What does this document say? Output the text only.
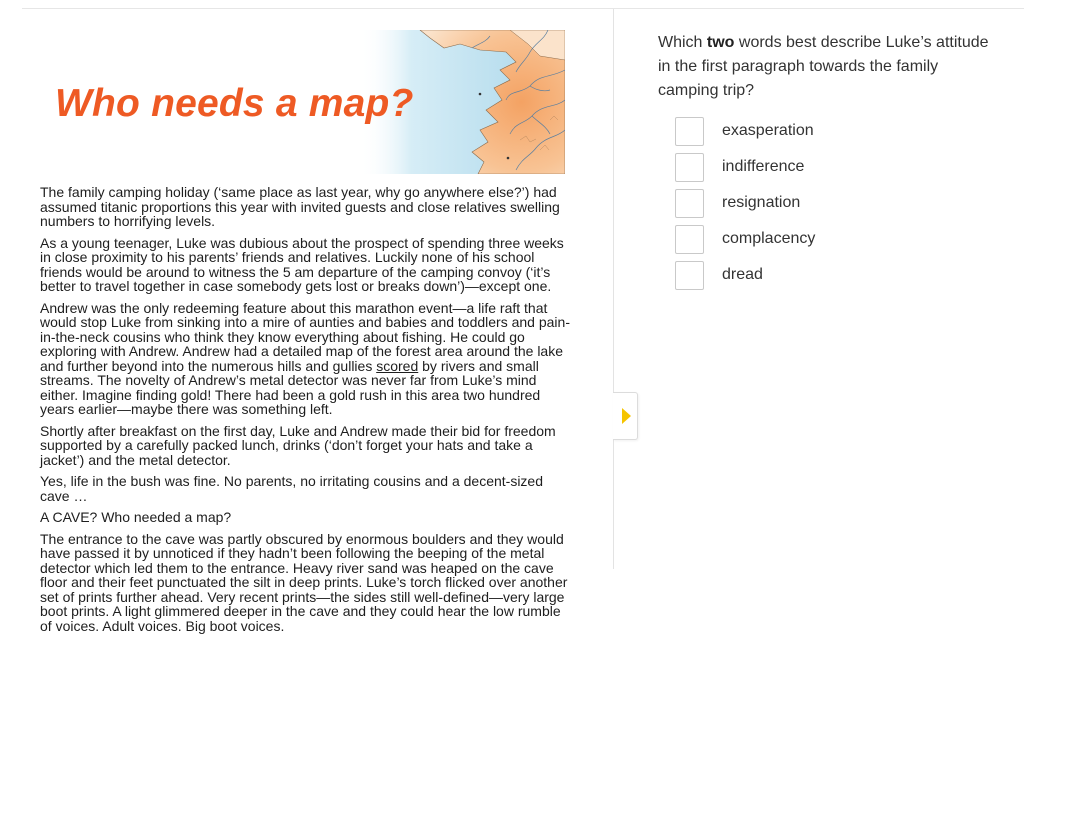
Who needs a map?

The family camping holiday (‘same place as last year, why go anywhere else?’) had assumed titanic proportions this year with invited guests and close relatives swelling numbers to horrifying levels.

As a young teenager, Luke was dubious about the prospect of spending three weeks in close proximity to his parents’ friends and relatives. Luckily none of his school friends would be around to witness the 5 am departure of the camping convoy (‘it’s better to travel together in case somebody gets lost or breaks down’)—except one.

Andrew was the only redeeming feature about this marathon event—a life raft that would stop Luke from sinking into a mire of aunties and babies and toddlers and pain-in-the-neck cousins who think they know everything about fishing. He could go exploring with Andrew. Andrew had a detailed map of the forest area around the lake and further beyond into the numerous hills and gullies scored by rivers and small streams. The novelty of Andrew’s metal detector was never far from Luke’s mind either. Imagine finding gold! There had been a gold rush in this area two hundred years earlier—maybe there was something left.

Shortly after breakfast on the first day, Luke and Andrew made their bid for freedom supported by a carefully packed lunch, drinks (‘don’t forget your hats and take a jacket’) and the metal detector.

Yes, life in the bush was fine. No parents, no irritating cousins and a decent-sized cave …

A CAVE? Who needed a map?

The entrance to the cave was partly obscured by enormous boulders and they would have passed it by unnoticed if they hadn’t been following the beeping of the metal detector which led them to the entrance. Heavy river sand was heaped on the cave floor and their feet punctuated the silt in deep prints. Luke’s torch flicked over another set of prints further ahead. Very recent prints—the sides still well-defined—very large boot prints. A light glimmered deeper in the cave and they could hear the low rumble of voices. Adult voices. Big boot voices.

Which two words best describe Luke’s attitude in the first paragraph towards the family camping trip?

exasperation
indifference
resignation
complacency
dread
